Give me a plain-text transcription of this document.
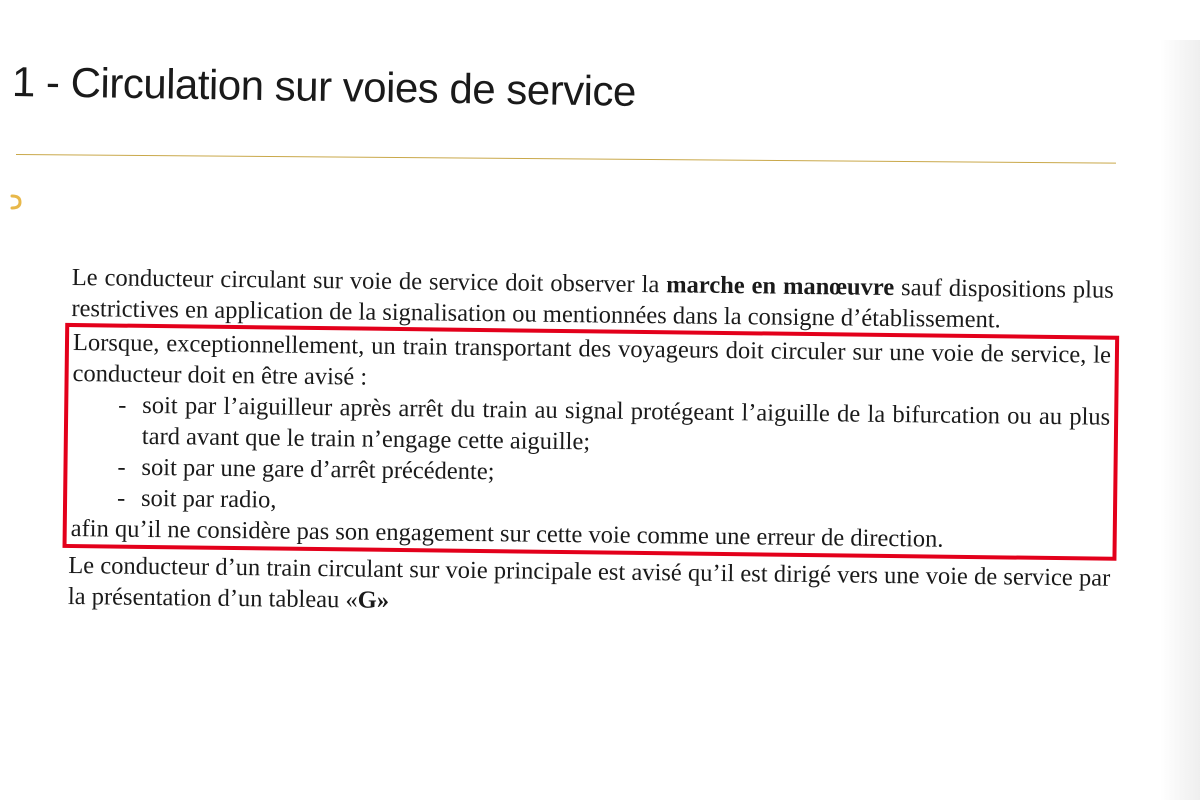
1 - Circulation sur voies de service

Le conducteur circulant sur voie de service doit observer la marche en manœuvre sauf dispositions plus restrictives en application de la signalisation ou mentionnées dans la consigne d’établissement.

Lorsque, exceptionnellement, un train transportant des voyageurs doit circuler sur une voie de service, le conducteur doit en être avisé :

- soit par l’aiguilleur après arrêt du train au signal protégeant l’aiguille de la bifurcation ou au plus tard avant que le train n’engage cette aiguille;
- soit par une gare d’arrêt précédente;
- soit par radio,

afin qu’il ne considère pas son engagement sur cette voie comme une erreur de direction.

Le conducteur d’un train circulant sur voie principale est avisé qu’il est dirigé vers une voie de service par la présentation d’un tableau «G»
